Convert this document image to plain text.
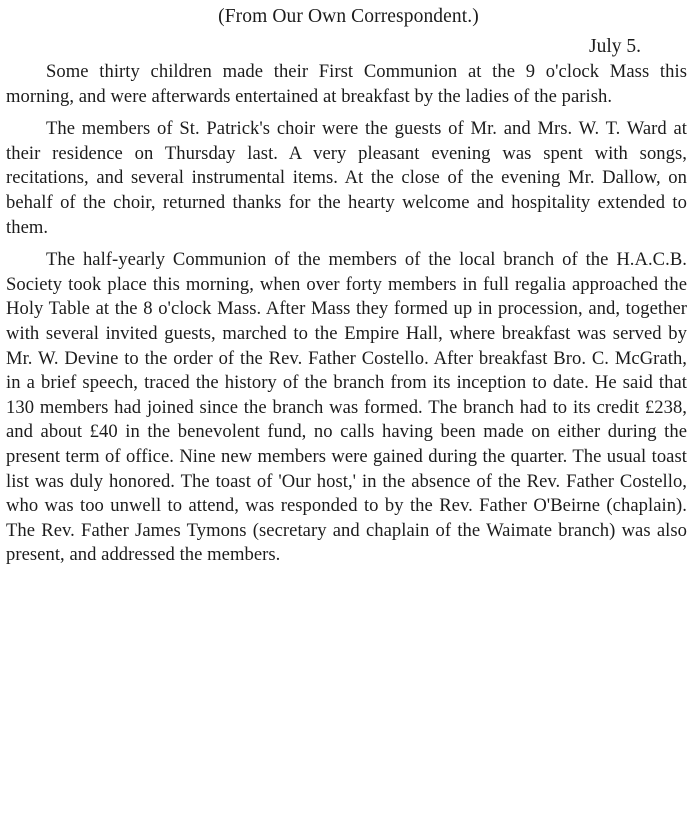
(From Our Own Correspondent.)

July 5.

Some thirty children made their First Communion at the 9 o'clock Mass this morning, and were afterwards entertained at breakfast by the ladies of the parish.

The members of St. Patrick's choir were the guests of Mr. and Mrs. W. T. Ward at their residence on Thursday last. A very pleasant evening was spent with songs, recitations, and several instrumental items. At the close of the evening Mr. Dallow, on behalf of the choir, returned thanks for the hearty welcome and hospitality extended to them.

The half-yearly Communion of the members of the local branch of the H.A.C.B. Society took place this morning, when over forty members in full regalia approached the Holy Table at the 8 o'clock Mass. After Mass they formed up in procession, and, together with several invited guests, marched to the Empire Hall, where breakfast was served by Mr. W. Devine to the order of the Rev. Father Costello. After breakfast Bro. C. McGrath, in a brief speech, traced the history of the branch from its inception to date. He said that 130 members had joined since the branch was formed. The branch had to its credit £238, and about £40 in the benevolent fund, no calls having been made on either during the present term of office. Nine new members were gained during the quarter. The usual toast list was duly honored. The toast of 'Our host,' in the absence of the Rev. Father Costello, who was too unwell to attend, was responded to by the Rev. Father O'Beirne (chaplain). The Rev. Father James Tymons (secretary and chaplain of the Waimate branch) was also present, and addressed the members.
